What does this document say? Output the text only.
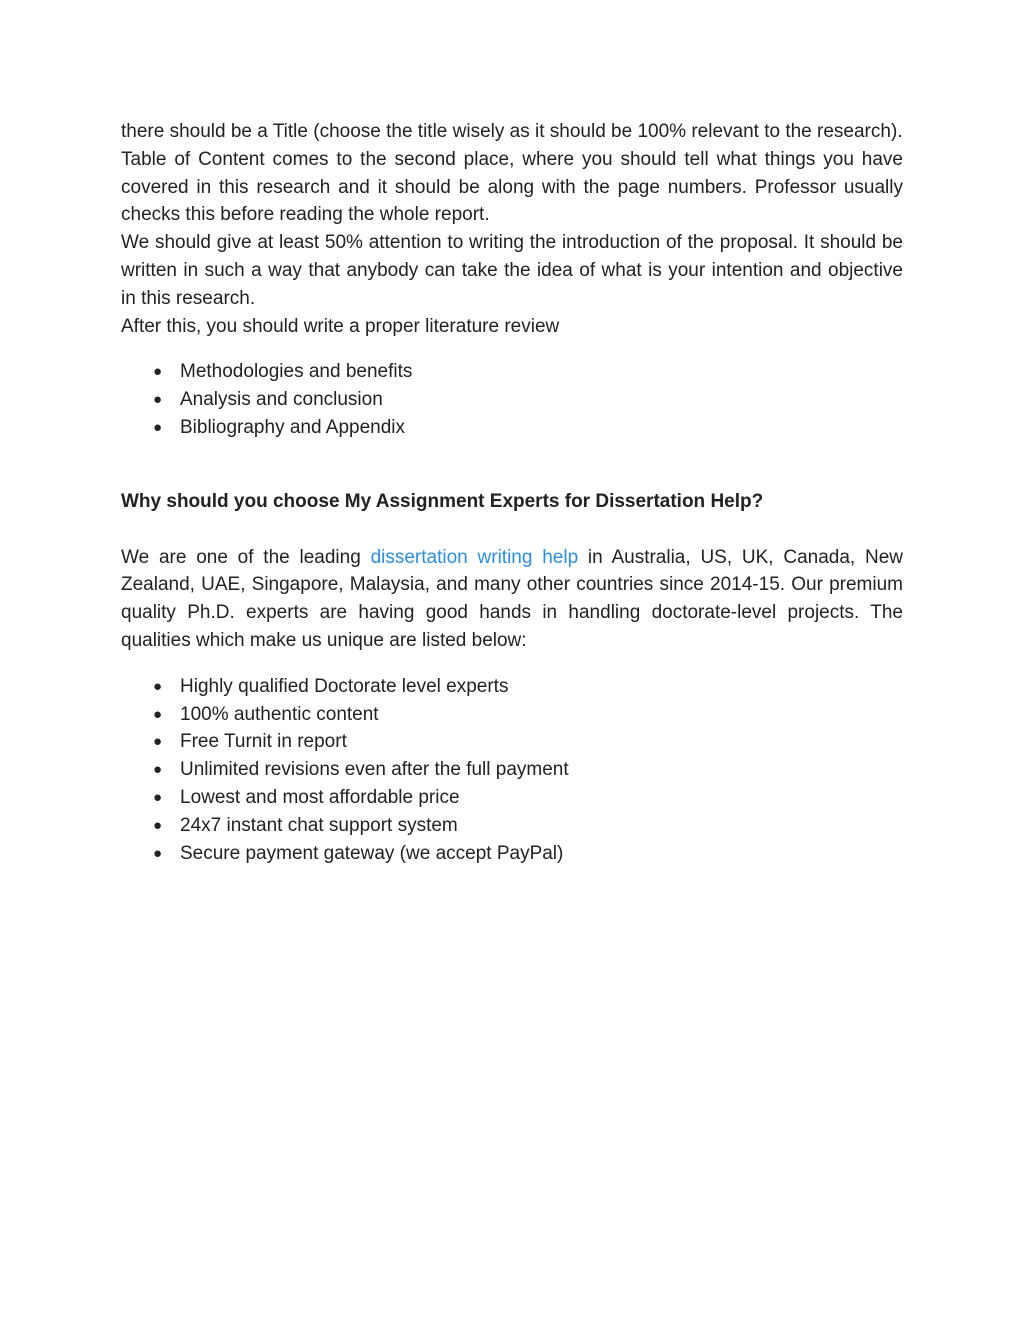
there should be a Title (choose the title wisely as it should be 100% relevant to the research).

Table of Content comes to the second place, where you should tell what things you have covered in this research and it should be along with the page numbers. Professor usually checks this before reading the whole report.

We should give at least 50% attention to writing the introduction of the proposal. It should be written in such a way that anybody can take the idea of what is your intention and objective in this research.

After this, you should write a proper literature review

● Methodologies and benefits
● Analysis and conclusion
● Bibliography and Appendix
Why should you choose My Assignment Experts for Dissertation Help?

We are one of the leading dissertation writing help in Australia, US, UK, Canada, New Zealand, UAE, Singapore, Malaysia, and many other countries since 2014-15. Our premium quality Ph.D. experts are having good hands in handling doctorate-level projects. The qualities which make us unique are listed below:

● Highly qualified Doctorate level experts
● 100% authentic content
● Free Turnit in report
● Unlimited revisions even after the full payment
● Lowest and most affordable price
● 24x7 instant chat support system
● Secure payment gateway (we accept PayPal)
